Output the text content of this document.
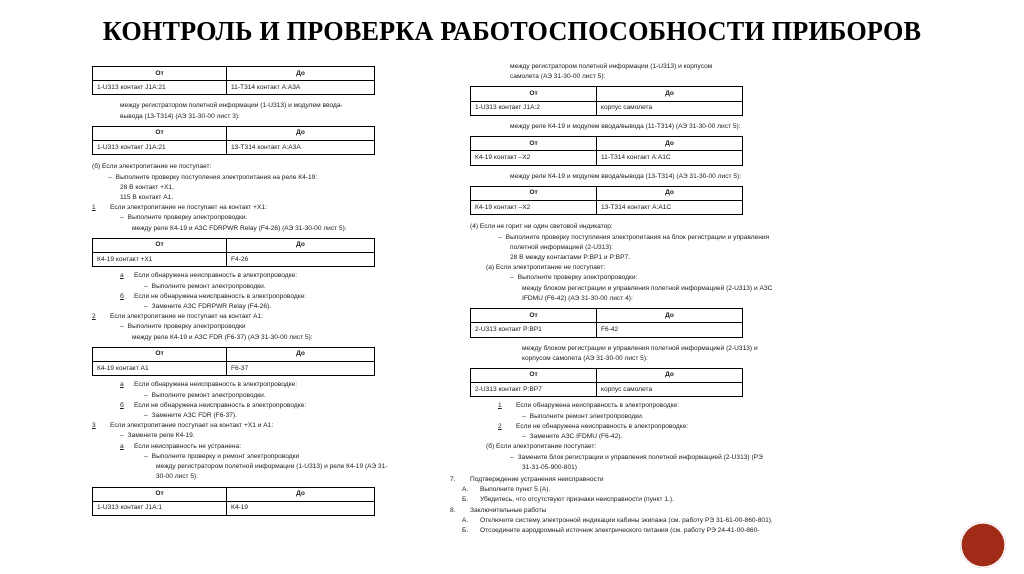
КОНТРОЛЬ И ПРОВЕРКА РАБОТОСПОСОБНОСТИ ПРИБОРОВ
От	До
1-U313 контакт J1A:21	11-T314 контакт A:A3A
между регистратором полетной информации (1-U313) и модулем ввода-
вывода (13-T314) (АЭ 31-30-00 лист 3):
От	До
1-U313 контакт J1A:21	13-T314 контакт A:A3A
(б) Если электропитание не поступает:
– Выполните проверку поступления электропитания на реле К4-19:
28 В контакт +X1,
115 В контакт A1.
1	Если электропитание не поступает на контакт +X1:
– Выполните проверку электропроводки.
между реле К4-19 и АЗС FDRPWR Relay (F4-26) (АЭ 31-30-00 лист 5):
От	До
К4-19 контакт +X1	F4-26
а	Если обнаружена неисправность в электропроводке:
– Выполните ремонт электропроводки.
б	Если не обнаружена неисправность в электропроводке:
– Замените АЗС FDRPWR Relay (F4-26).
2	Если электропитание не поступает на контакт A1:
– Выполните проверку электропроводки
между реле К4-19 и АЗС FDR (F6-37) (АЭ 31-30-00 лист 5):
От	До
К4-19 контакт A1	F6-37
а	Если обнаружена неисправность в электропроводке:
– Выполните ремонт электропроводки.
б	Если не обнаружена неисправность в электропроводке:
– Замените АЗС FDR (F6-37).
3	Если электропитание поступает на контакт +X1 и A1:
– Замените реле К4-19.
а	Если неисправность не устранена:
– Выполните проверку и ремонт электропроводки
между регистратором полетной информации (1-U313) и реле К4-19 (АЭ 31-
30-00 лист 5):
От	До
1-U313 контакт J1A:1	К4-19
между регистратором полетной информации (1-U313) и корпусом
самолета (АЭ 31-30-00 лист 5):
От	До
1-U313 контакт J1A:2	корпус самолета
между реле К4-19 и модулем ввода/вывода (11-T314) (АЭ 31-30-00 лист 5):
От	До
К4-19 контакт –X2	11-T314 контакт A:A1C
между реле К4-19 и модулем ввода/вывода (13-T314) (АЭ 31-30-00 лист 5):
От	До
К4-19 контакт –X2	13-T314 контакт A:A1C
(4) Если не горит ни один световой индикатор:
– Выполните проверку поступления электропитания на блок регистрации и управления
полетной информацией (2-U313):
28 В между контактами P:BP1 и P:BP7.
(а) Если электропитание не поступает:
– Выполните проверку электропроводки:
между блоком регистрации и управления полетной информацией (2-U313) и АЗС
IFDMU (F6-42) (АЭ 31-30-00 лист 4):
От	До
2-U313 контакт P:BP1	F6-42
между блоком регистрации и управления полетной информацией (2-U313) и
корпусом самолета (АЭ 31-30-00 лист 5):
От	До
2-U313 контакт P:BP7	корпус самолета
1	Если обнаружена неисправность в электропроводке:
– Выполните ремонт электропроводки.
2	Если не обнаружена неисправность в электропроводке:
– Замените АЗС IFDMU (F6-42).
(б) Если электропитание поступает:
– Замените блок регистрации и управления полетной информацией (2-U313) (РЭ
31-31-05-900-801)
7.	Подтверждение устранения неисправности
A.	Выполните пункт 5.(A).
Б.	Убедитесь, что отсутствуют признаки неисправности (пункт 1.).
8.	Заключительные работы
A.	Отключите систему электронной индикации кабины экипажа (см. работу РЭ 31-61-00-860-801).
Б.	Отсоедините аэродромный источник электрического питания (см. работу РЭ 24-41-00-860-
